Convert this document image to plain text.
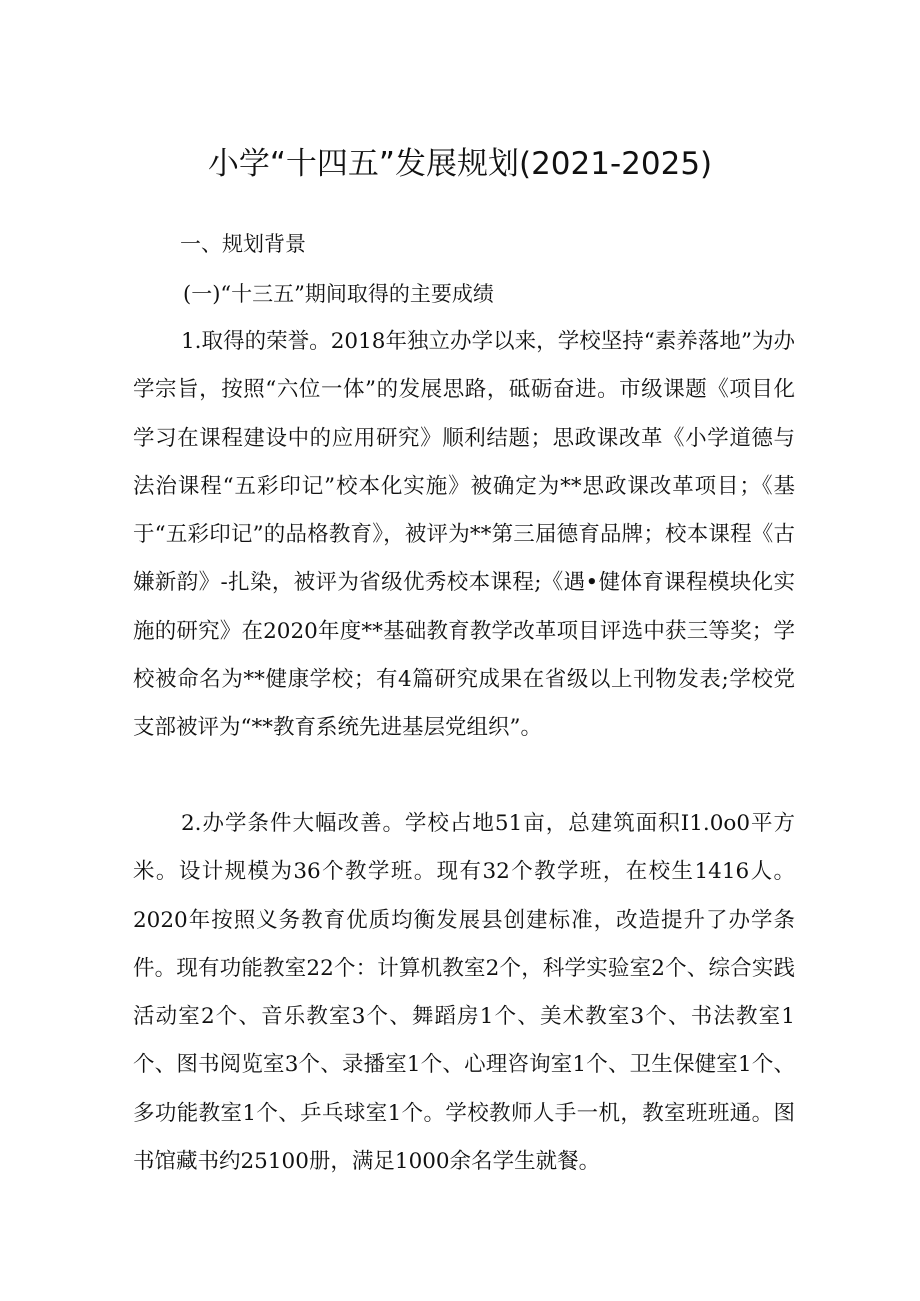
小学“十四五”发展规划(2021-2025)
一、规划背景
(一)“十三五”期间取得的主要成绩
1.取得的荣誉。2018年独立办学以来，学校坚持“素养落地”为办学宗旨，按照“六位一体”的发展思路，砥砺奋进。市级课题《项目化学习在课程建设中的应用研究》顺利结题；思政课改革《小学道德与法治课程“五彩印记”校本化实施》被确定为**思政课改革项目；《基于“五彩印记”的品格教育》，被评为**第三届德育品牌；校本课程《古嫌新韵》-扎染，被评为省级优秀校本课程;《遇•健体育课程模块化实施的研究》在2020年度**基础教育教学改革项目评选中获三等奖；学校被命名为**健康学校；有4篇研究成果在省级以上刊物发表;学校党支部被评为“**教育系统先进基层党组织”。
2.办学条件大幅改善。学校占地51亩，总建筑面积I1.0o0平方米。设计规模为36个教学班。现有32个教学班，在校生1416人。2020年按照义务教育优质均衡发展县创建标准，改造提升了办学条件。现有功能教室22个：计算机教室2个，科学实验室2个、综合实践活动室2个、音乐教室3个、舞蹈房1个、美术教室3个、书法教室1个、图书阅览室3个、录播室1个、心理咨询室1个、卫生保健室1个、多功能教室1个、乒乓球室1个。学校教师人手一机，教室班班通。图书馆藏书约25100册，满足1000余名学生就餐。
